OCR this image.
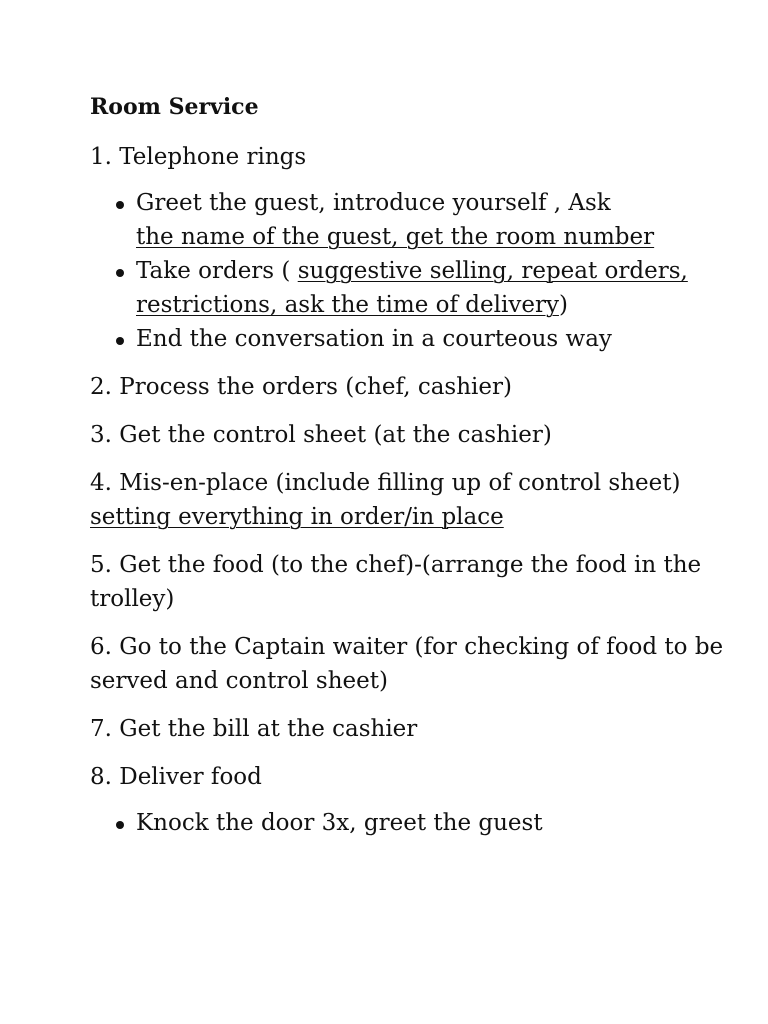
Room Service
1. Telephone rings
Greet the guest, introduce yourself , Ask
the name of the guest, get the room number
Take orders ( suggestive selling, repeat orders, restrictions, ask the time of delivery)
End the conversation in a courteous way
2. Process the orders (chef, cashier)
3. Get the control sheet (at the cashier)
4. Mis-en-place (include filling up of control sheet) setting everything in order/in place
5. Get the food (to the chef)-(arrange the food in the trolley)
6. Go to the Captain waiter (for checking of food to be served and control sheet)
7. Get the bill at the cashier
8. Deliver food
Knock the door 3x, greet the guest
